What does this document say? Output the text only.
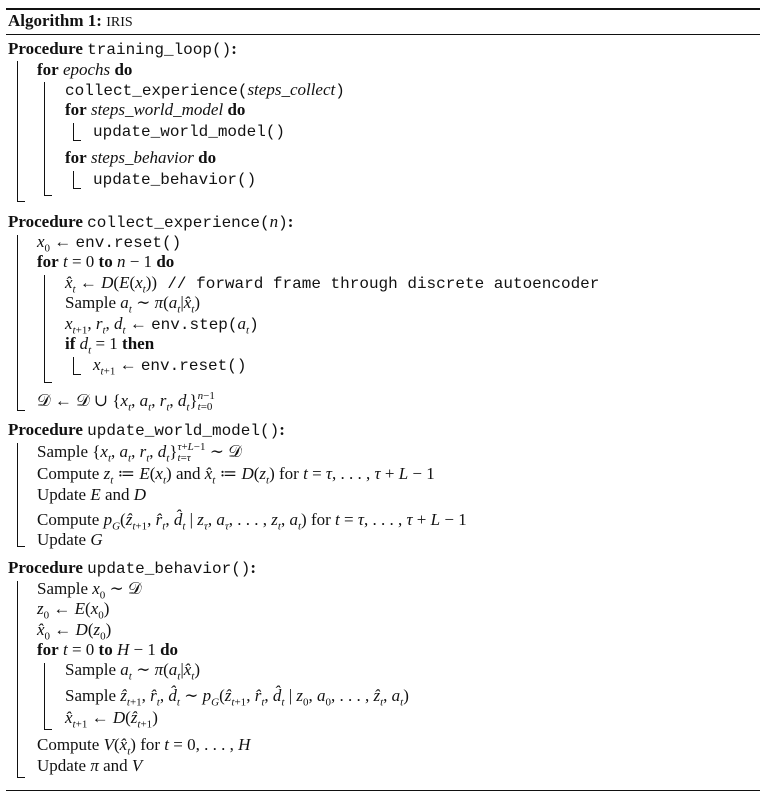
Algorithm 1: IRIS
Procedure training_loop():
for epochs do
collect_experience(steps_collect)
for steps_world_model do
update_world_model()
for steps_behavior do
update_behavior()
Procedure collect_experience(n):
$x_0$ ← env.reset()
for t = 0 to n − 1 do
$x̂_t$ ← $D(E(x_t))$ // forward frame through discrete autoencoder
Sample $a_t$ ∼ $\pi(a_t|x̂_t)$
$x_{t+1}$, $r_t$, $d_t$ ← $env.step(a_t)$
if $d_t = 1$ then
$x_{t+1}$ ← env.reset()
𝒟 ← 𝒟 ∪ {$x_t$, $a_t$, $r_t$, $d_t\}n-1$
t=0
Procedure update_world_model():
Sample {$x_t$, $a_t$, $r_t$, $d_t\}\tau+L-1$
t=τ ∼ 𝒟
Compute $z_t$ ≔ $E(x_t)$ and $x̂_t$ ≔ $D(z_t)$ for t = τ, . . . , τ + L − 1
Update E and D
Compute $p_G(ẑ_{t+1}$, $r̂_t$, $d̂_t$ | $z_\tau$, $a_\tau$, . . . , $z_t$, $a_t$) for t = τ, . . . , τ + L − 1
Update G
Procedure update_behavior():
Sample $x_0$ ∼ 𝒟
$z_0$ ← $E(x_0)$
$x̂_0$ ← $D(z_0)$
for t = 0 to H − 1 do
Sample $a_t$ ∼ $\pi(a_t|x̂_t)$
Sample ẑ$_{t+1}$, $r̂_t$, $d̂_t$ ∼ $p_G(ẑ_{t+1}$, $r̂_t$, $d̂_t$ | $z_0$, $a_0$, . . . , ẑ$_t$, $a_t$)
$x̂_{t+1}$ ← D(ẑ$_{t+1}$)
Compute $V(x̂_t)$ for t = 0, . . . , H
Update π and V
